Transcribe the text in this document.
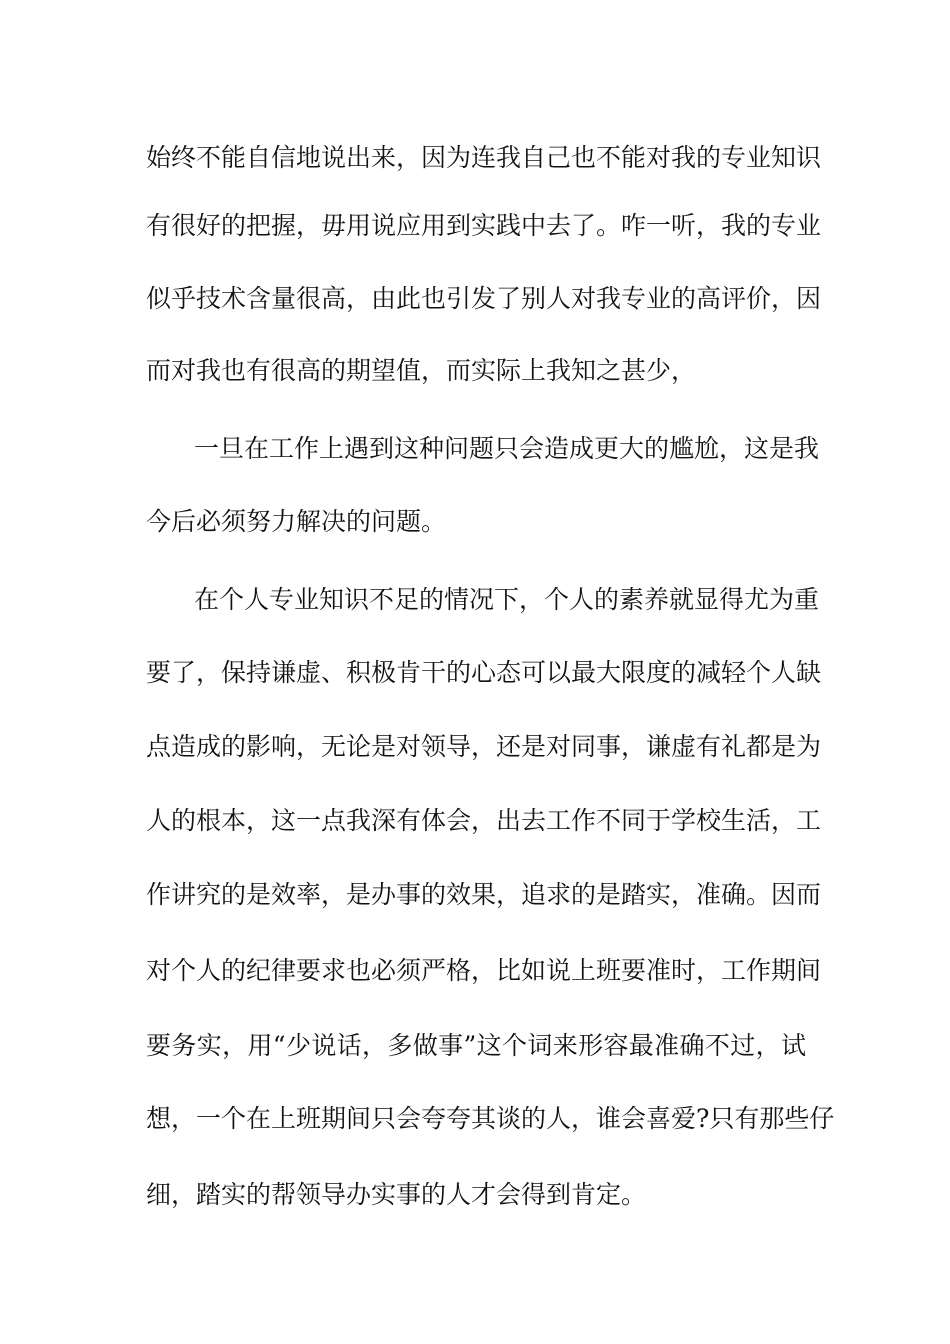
始终不能自信地说出来，因为连我自己也不能对我的专业知识
有很好的把握，毋用说应用到实践中去了。咋一听，我的专业
似乎技术含量很高，由此也引发了别人对我专业的高评价，因
而对我也有很高的期望值，而实际上我知之甚少，
一旦在工作上遇到这种问题只会造成更大的尴尬，这是我
今后必须努力解决的问题。
在个人专业知识不足的情况下，个人的素养就显得尤为重
要了，保持谦虚、积极肯干的心态可以最大限度的减轻个人缺
点造成的影响，无论是对领导，还是对同事，谦虚有礼都是为
人的根本，这一点我深有体会，出去工作不同于学校生活，工
作讲究的是效率，是办事的效果，追求的是踏实，准确。因而
对个人的纪律要求也必须严格，比如说上班要准时，工作期间
要务实，用“少说话，多做事”这个词来形容最准确不过，试
想，一个在上班期间只会夸夸其谈的人，谁会喜爱?只有那些仔
细，踏实的帮领导办实事的人才会得到肯定。
